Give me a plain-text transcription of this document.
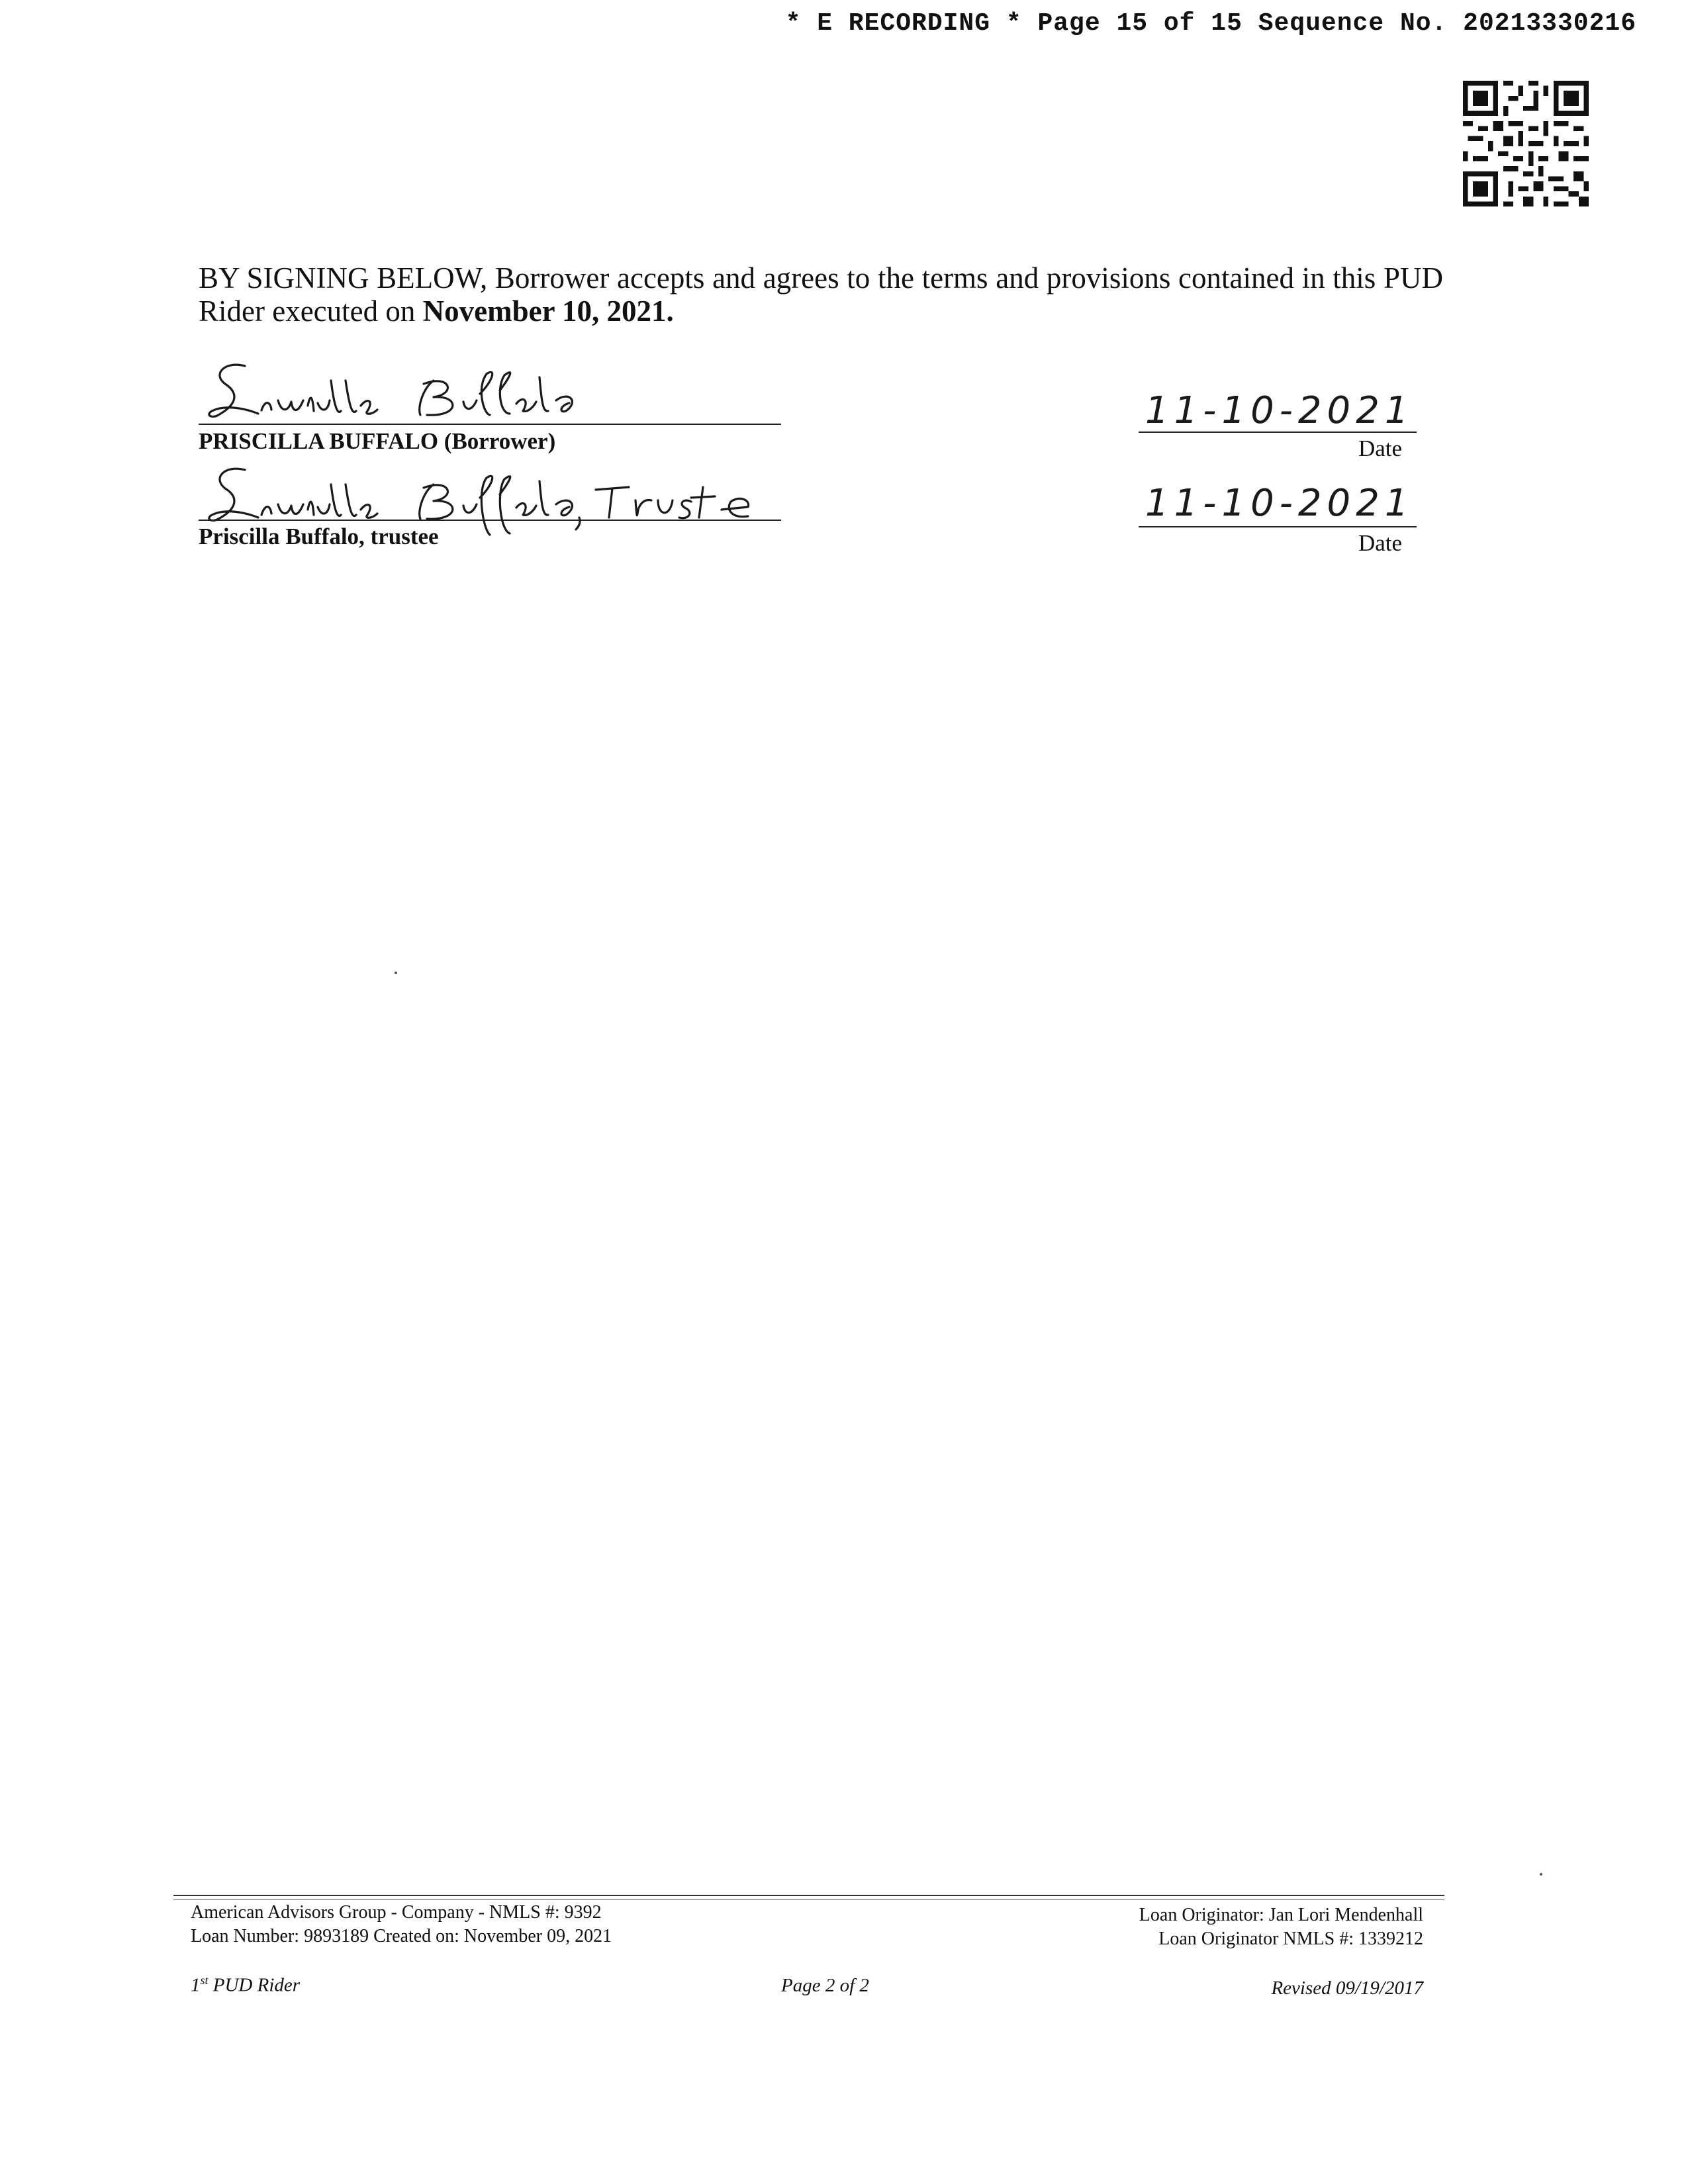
* E RECORDING * Page 15 of 15 Sequence No. 20213330216
BY SIGNING BELOW, Borrower accepts and agrees to the terms and provisions contained in this PUD Rider executed on November 10, 2021.
PRISCILLA BUFFALO (Borrower)
11-10-2021
Date
Priscilla Buffalo, trustee
11-10-2021
Date
American Advisors Group - Company - NMLS #: 9392
Loan Number: 9893189 Created on: November 09, 2021
Loan Originator: Jan Lori Mendenhall
Loan Originator NMLS #: 1339212
1st PUD Rider	Page 2 of 2	Revised 09/19/2017
